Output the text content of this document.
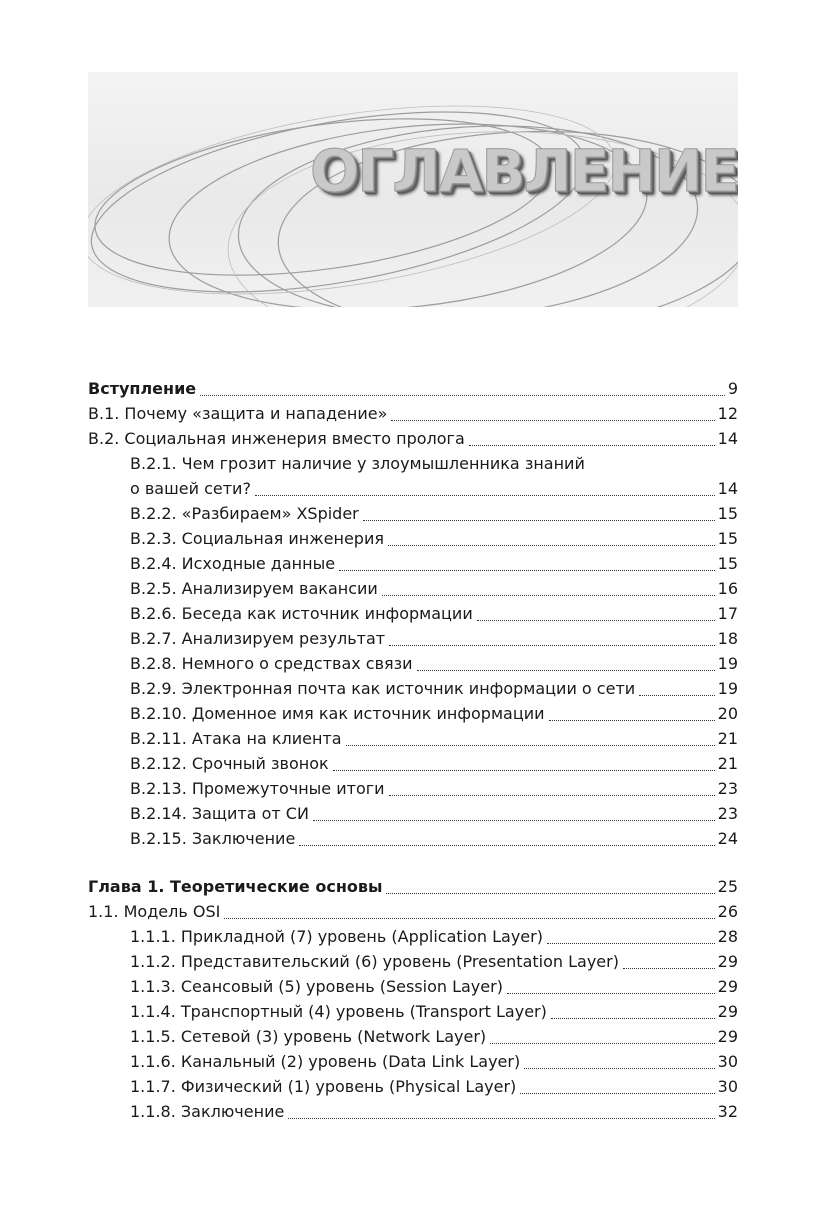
ОГЛАВЛЕНИЕ
Вступление	9
В.1. Почему «защита и нападение»	12
В.2. Социальная инженерия вместо пролога	14
В.2.1. Чем грозит наличие у злоумышленника знаний
о вашей сети?	14
В.2.2. «Разбираем» XSpider	15
В.2.3. Социальная инженерия	15
В.2.4. Исходные данные	15
В.2.5. Анализируем вакансии	16
В.2.6. Беседа как источник информации	17
В.2.7. Анализируем результат	18
В.2.8. Немного о средствах связи	19
В.2.9. Электронная почта как источник информации о сети	19
В.2.10. Доменное имя как источник информации	20
В.2.11. Атака на клиента	21
В.2.12. Срочный звонок	21
В.2.13. Промежуточные итоги	23
В.2.14. Защита от СИ	23
В.2.15. Заключение	24
Глава 1. Теоретические основы	25
1.1. Модель OSI	26
1.1.1. Прикладной (7) уровень (Application Layer)	28
1.1.2. Представительский (6) уровень (Presentation Layer)	29
1.1.3. Сеансовый (5) уровень (Session Layer)	29
1.1.4. Транспортный (4) уровень (Transport Layer)	29
1.1.5. Сетевой (3) уровень (Network Layer)	29
1.1.6. Канальный (2) уровень (Data Link Layer)	30
1.1.7. Физический (1) уровень (Physical Layer)	30
1.1.8. Заключение	32
